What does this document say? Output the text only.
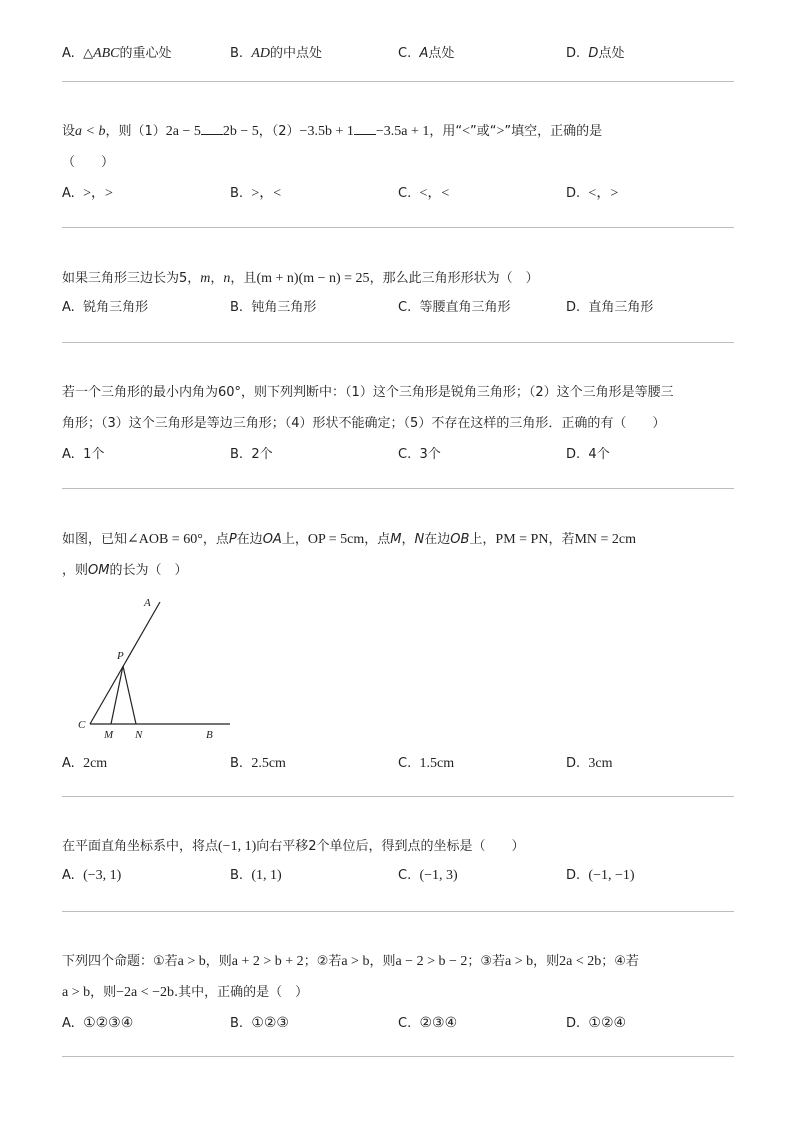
A. △ABC的重心处	B. AD的中点处	C. A点处	D. D点处
设a < b，则（1）2a − 5 2b − 5，（2）−3.5b + 1 −3.5a + 1，用“<”或“>”填空，正确的是
（　　）
A. >，>	B. >，<	C. <，<	D. <，>
如果三角形三边长为5，m，n，且(m + n)(m − n) = 25，那么此三角形形状为（　）
A. 锐角三角形	B. 钝角三角形	C. 等腰直角三角形	D. 直角三角形
若一个三角形的最小内角为60°，则下列判断中：（1）这个三角形是锐角三角形；（2）这个三角形是等腰三
角形；（3）这个三角形是等边三角形；（4）形状不能确定；（5）不存在这样的三角形．正确的有（　　）
A. 1个	B. 2个	C. 3个	D. 4个
如图，已知∠AOB = 60°，点P在边OA上，OP = 5cm，点M，N在边OB上，PM = PN，若MN = 2cm
，则OM的长为（　）
A
P
C
M N	B
A. 2cm	B. 2.5cm	C. 1.5cm	D. 3cm
在平面直角坐标系中，将点(−1, 1)向右平移2个单位后，得到点的坐标是（　　）
A. (−3, 1)	B. (1, 1)	C. (−1, 3)	D. (−1, −1)
下列四个命题：①若a > b，则a + 2 > b + 2；②若a > b，则a − 2 > b − 2；③若a > b，则2a < 2b；④若
a > b，则−2a < −2b.其中，正确的是（　）
A. ①②③④	B. ①②③	C. ②③④	D. ①②④
